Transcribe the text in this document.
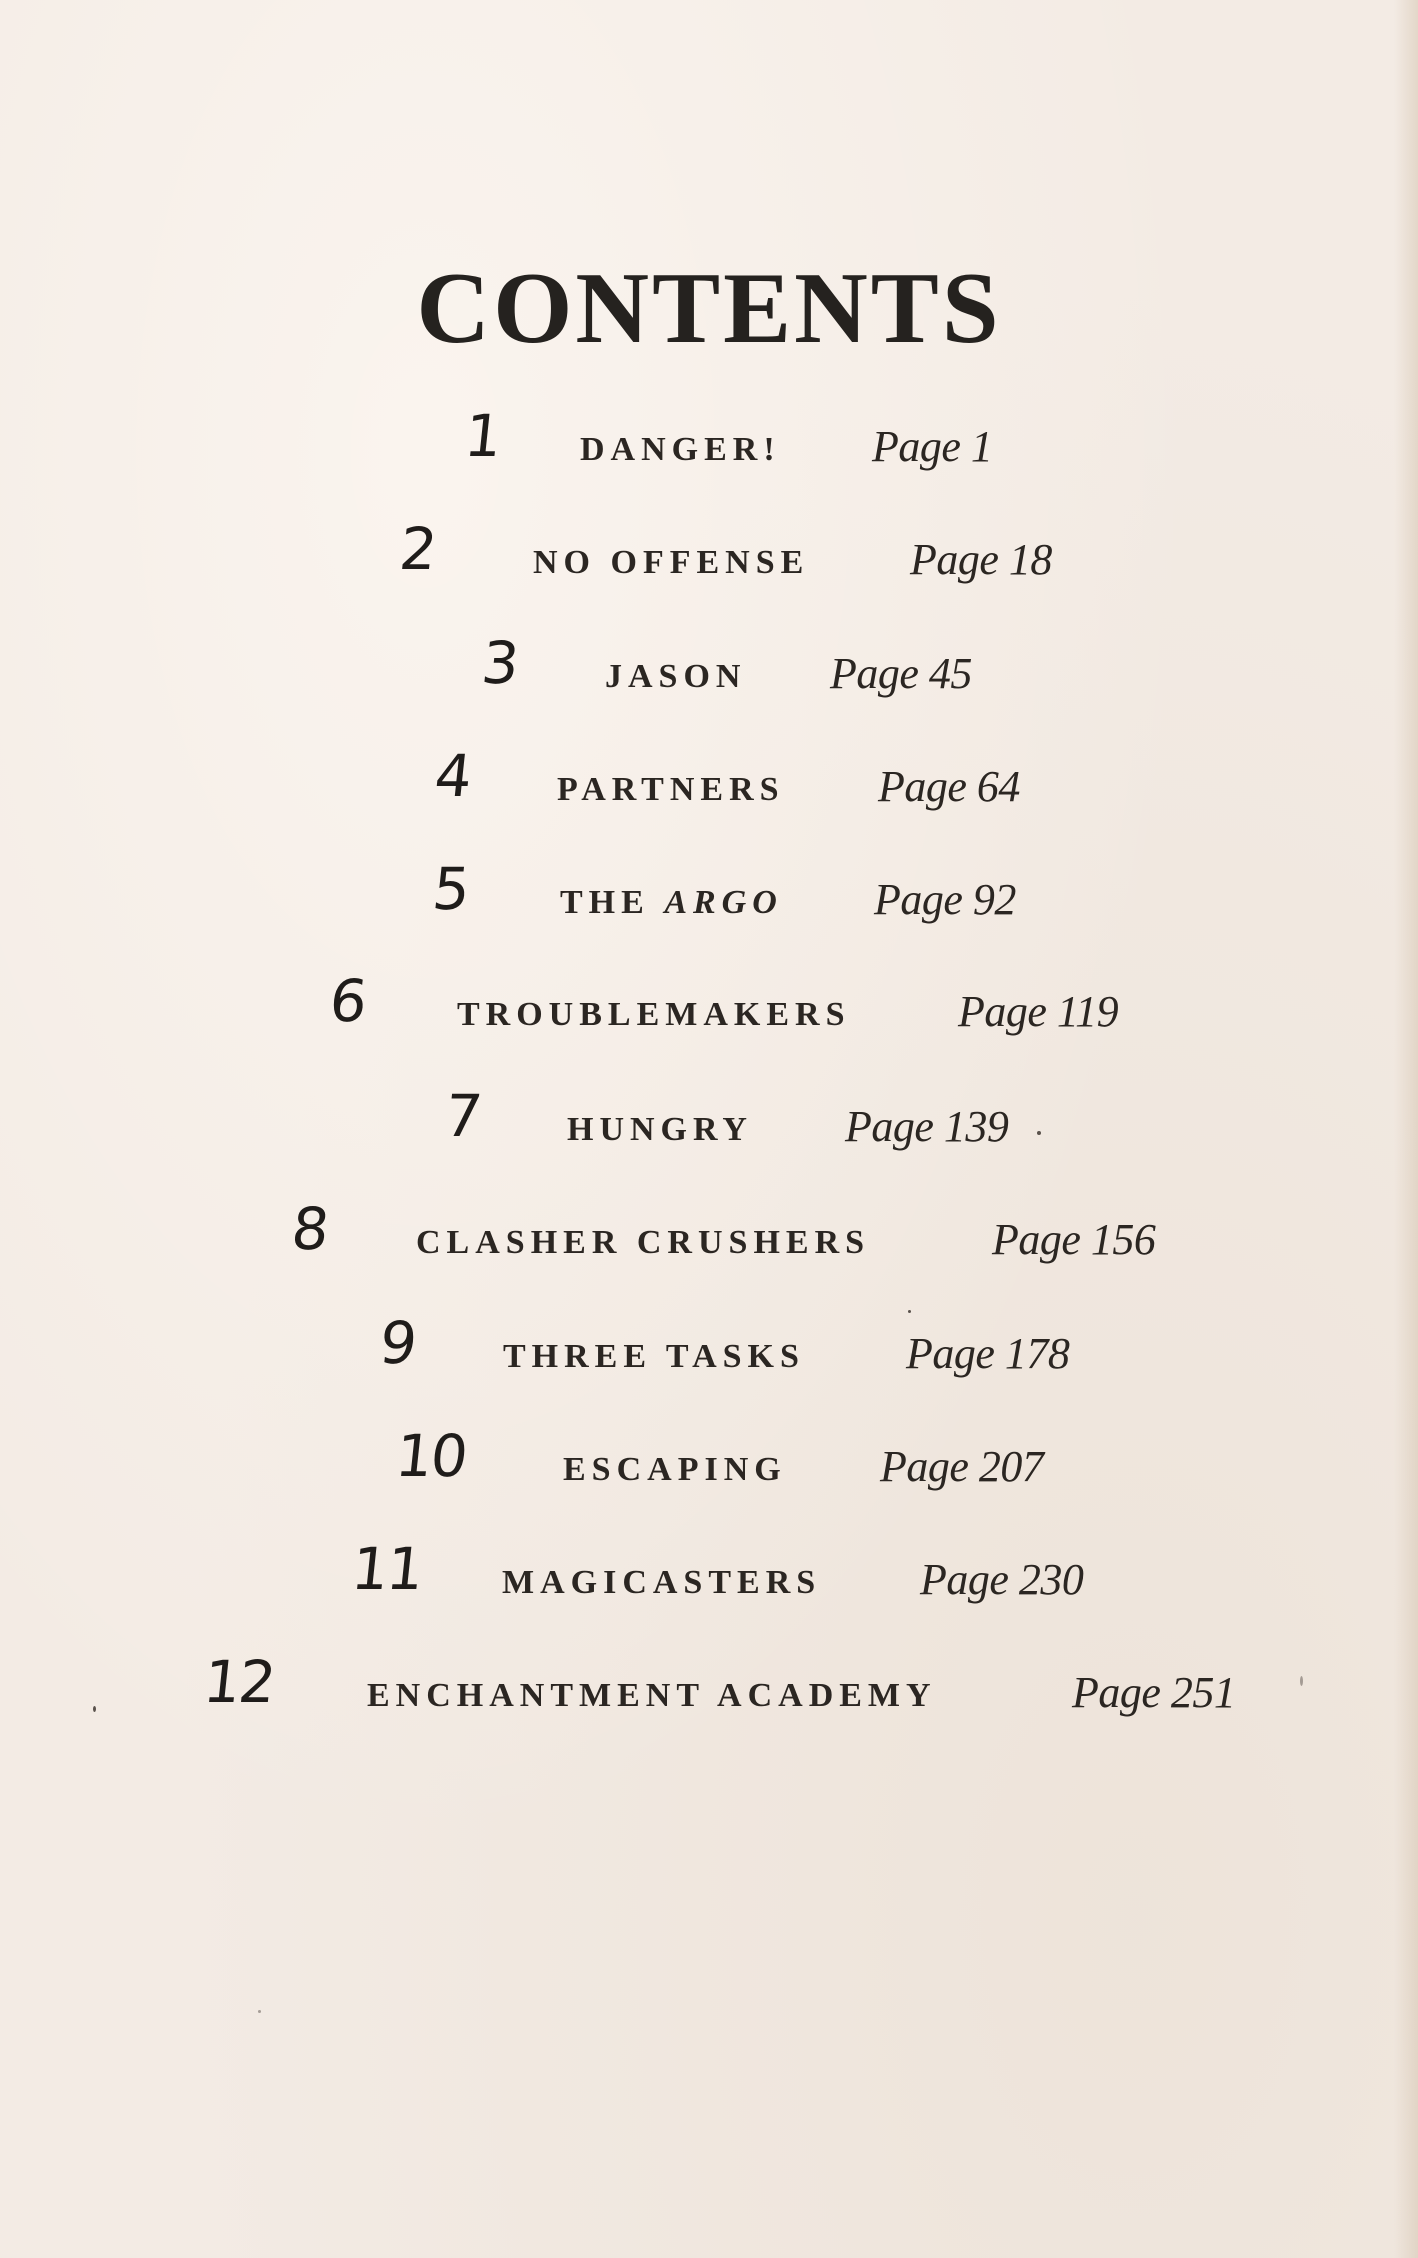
CONTENTS
1 DANGER! Page 1
2	NO OFFENSE Page 18
3 JASON Page 45
4 PARTNERS Page 64
5	THE ARGO Page 92
6	TROUBLEMAKERS Page 119
7 HUNGRY Page 139
8	CLASHER CRUSHERS	Page 156
9 THREE TASKS Page 178
10	ESCAPING Page 207
11 MAGICASTERS Page 230
12	ENCHANTMENT ACADEMY	Page 251
